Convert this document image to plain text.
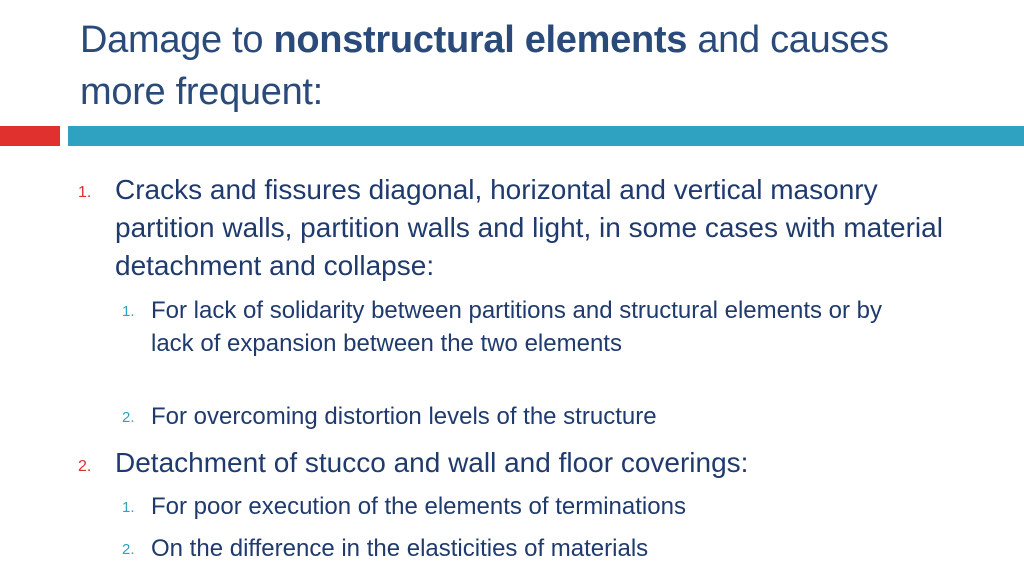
Damage to nonstructural elements and causes more frequent:
1. Cracks and fissures diagonal, horizontal and vertical masonry partition walls, partition walls and light, in some cases with material detachment and collapse:
1. For lack of solidarity between partitions and structural elements or by lack of expansion between the two elements
2. For overcoming distortion levels of the structure
2. Detachment of stucco and wall and floor coverings:
1. For poor execution of the elements of terminations
2. On the difference in the elasticities of materials
